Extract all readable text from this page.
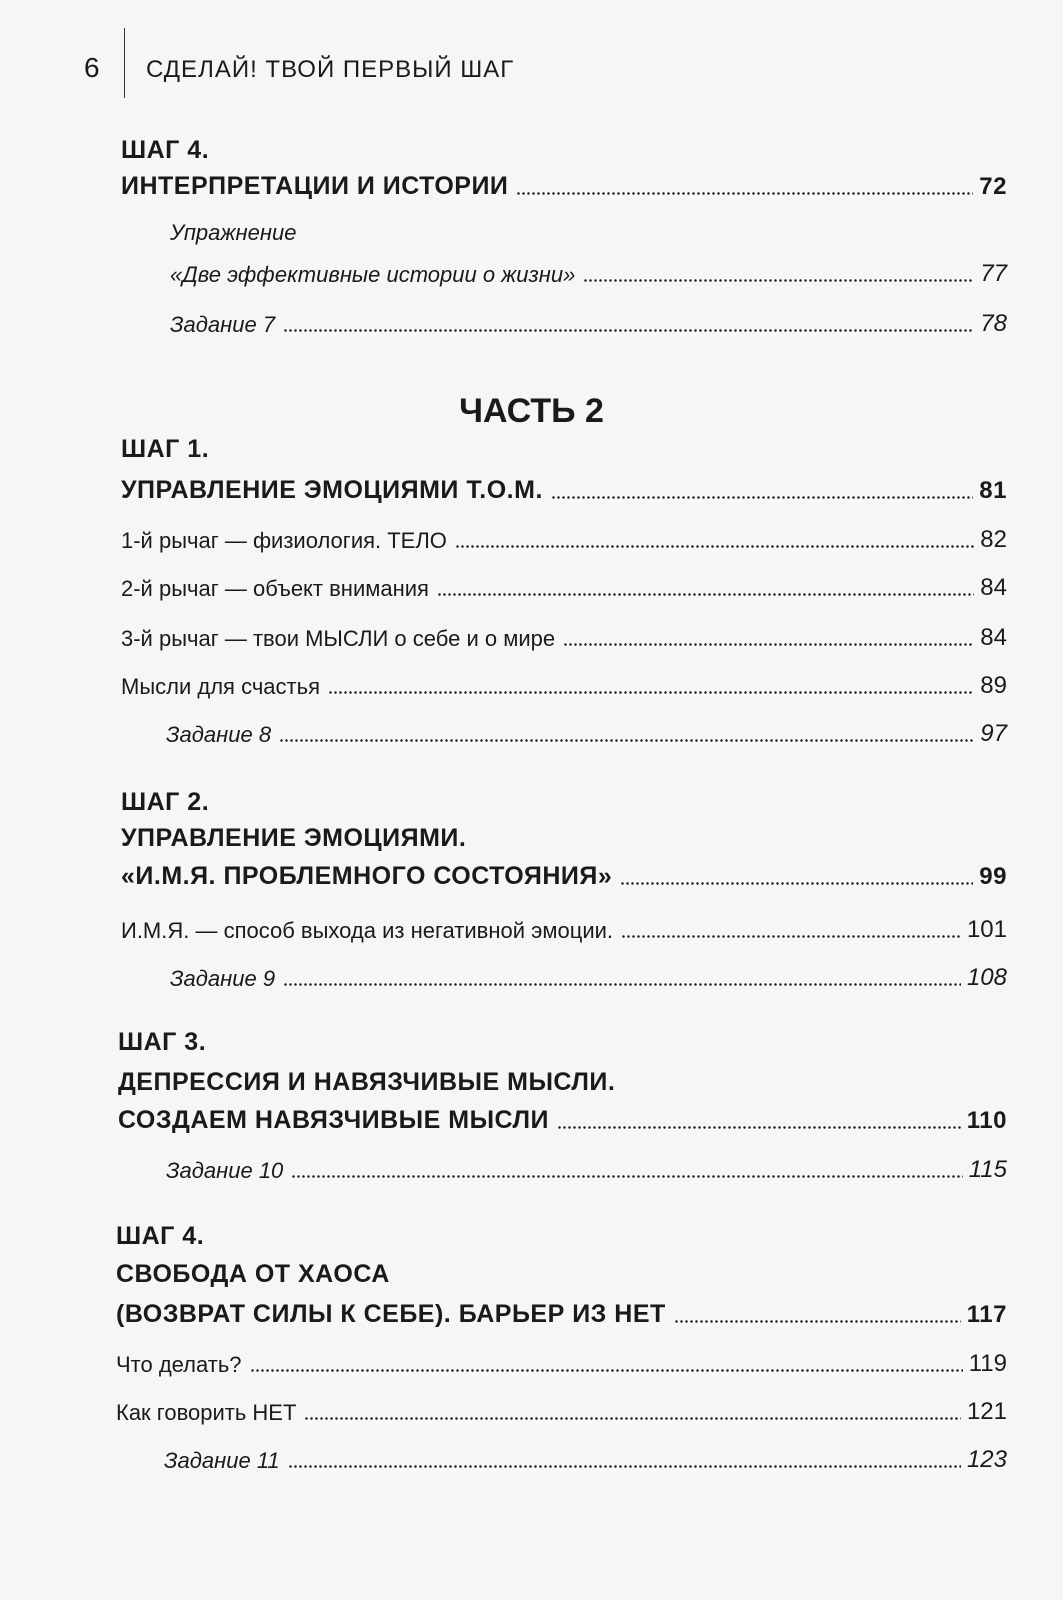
6 СДЕЛАЙ! ТВОЙ ПЕРВЫЙ ШАГ
ШАГ 4.
ИНТЕРПРЕТАЦИИ И ИСТОРИИ	72
Упражнение
«Две эффективные истории о жизни»	77
Задание 7	78
ЧАСТЬ 2
ШАГ 1.
УПРАВЛЕНИЕ ЭМОЦИЯМИ Т.О.М.	81
1-й рычаг — физиология. ТЕЛО	82
2-й рычаг — объект внимания	84
3-й рычаг — твои МЫСЛИ о себе и о мире	84
Мысли для счастья	89
Задание 8	97
ШАГ 2.
УПРАВЛЕНИЕ ЭМОЦИЯМИ.
«И.М.Я. ПРОБЛЕМНОГО СОСТОЯНИЯ»	99
И.М.Я. — способ выхода из негативной эмоции.	101
Задание 9	108
ШАГ 3.
ДЕПРЕССИЯ И НАВЯЗЧИВЫЕ МЫСЛИ.
СОЗДАЕМ НАВЯЗЧИВЫЕ МЫСЛИ	110
Задание 10	115
ШАГ 4.
СВОБОДА ОТ ХАОСА
(ВОЗВРАТ СИЛЫ К СЕБЕ). БАРЬЕР ИЗ НЕТ	117
Что делать?	119
Как говорить НЕТ	121
Задание 11	123
